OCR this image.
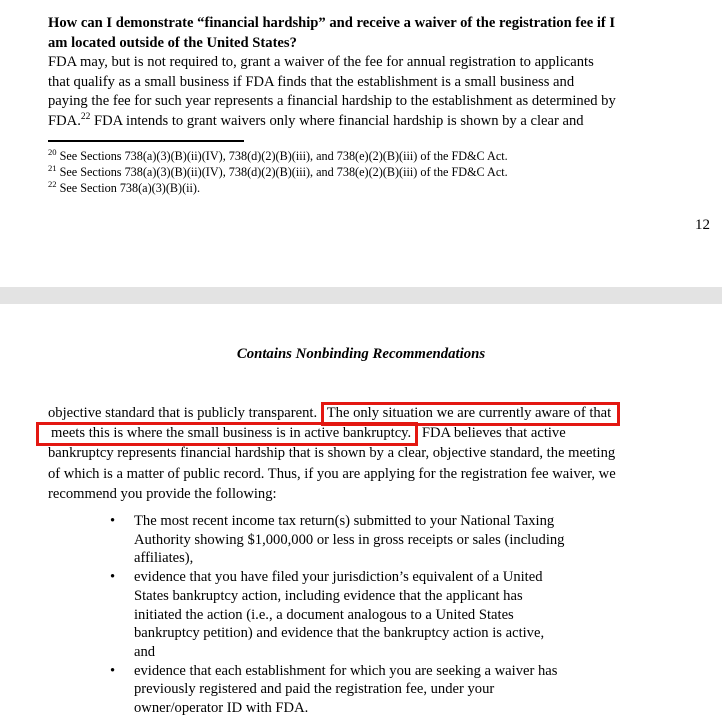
How can I demonstrate “financial hardship” and receive a waiver of the registration fee if I
am located outside of the United States?
FDA may, but is not required to, grant a waiver of the fee for annual registration to applicants
that qualify as a small business if FDA finds that the establishment is a small business and
paying the fee for such year represents a financial hardship to the establishment as determined by
FDA.$^{22}$ FDA intends to grant waivers only where financial hardship is shown by a clear and
$^{20}$ See Sections 738(a)(3)(B)(ii)(IV), 738(d)(2)(B)(iii), and 738(e)(2)(B)(iii) of the FD&C Act.
$^{21}$ See Sections 738(a)(3)(B)(ii)(IV), 738(d)(2)(B)(iii), and 738(e)(2)(B)(iii) of the FD&C Act.
$^{22}$ See Section 738(a)(3)(B)(ii).
12
Contains Nonbinding Recommendations
objective standard that is publicly transparent. The only situation we are currently aware of that
meets this is where the small business is in active bankruptcy. FDA believes that active
bankruptcy represents financial hardship that is shown by a clear, objective standard, the meeting
of which is a matter of public record. Thus, if you are applying for the registration fee waiver, we
recommend you provide the following:
•	The most recent income tax return(s) submitted to your National Taxing
Authority showing $1,000,000 or less in gross receipts or sales (including
affiliates),
•	evidence that you have filed your jurisdiction’s equivalent of a United
States bankruptcy action, including evidence that the applicant has
initiated the action (i.e., a document analogous to a United States
bankruptcy petition) and evidence that the bankruptcy action is active,
and
•	evidence that each establishment for which you are seeking a waiver has
previously registered and paid the registration fee, under your
owner/operator ID with FDA.
